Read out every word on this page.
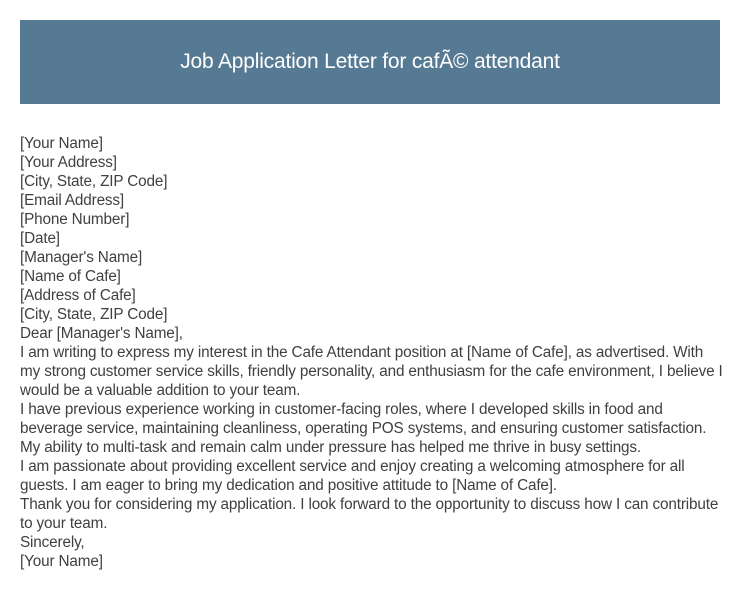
Job Application Letter for cafÃ© attendant

[Your Name]

[Your Address]

[City, State, ZIP Code]

[Email Address]

[Phone Number]

[Date]

[Manager's Name]

[Name of Cafe]

[Address of Cafe]

[City, State, ZIP Code]

Dear [Manager's Name],

I am writing to express my interest in the Cafe Attendant position at [Name of Cafe], as advertised. With my strong customer service skills, friendly personality, and enthusiasm for the cafe environment, I believe I would be a valuable addition to your team.

I have previous experience working in customer-facing roles, where I developed skills in food and beverage service, maintaining cleanliness, operating POS systems, and ensuring customer satisfaction. My ability to multi-task and remain calm under pressure has helped me thrive in busy settings.

I am passionate about providing excellent service and enjoy creating a welcoming atmosphere for all guests. I am eager to bring my dedication and positive attitude to [Name of Cafe].

Thank you for considering my application. I look forward to the opportunity to discuss how I can contribute to your team.

Sincerely,

[Your Name]
